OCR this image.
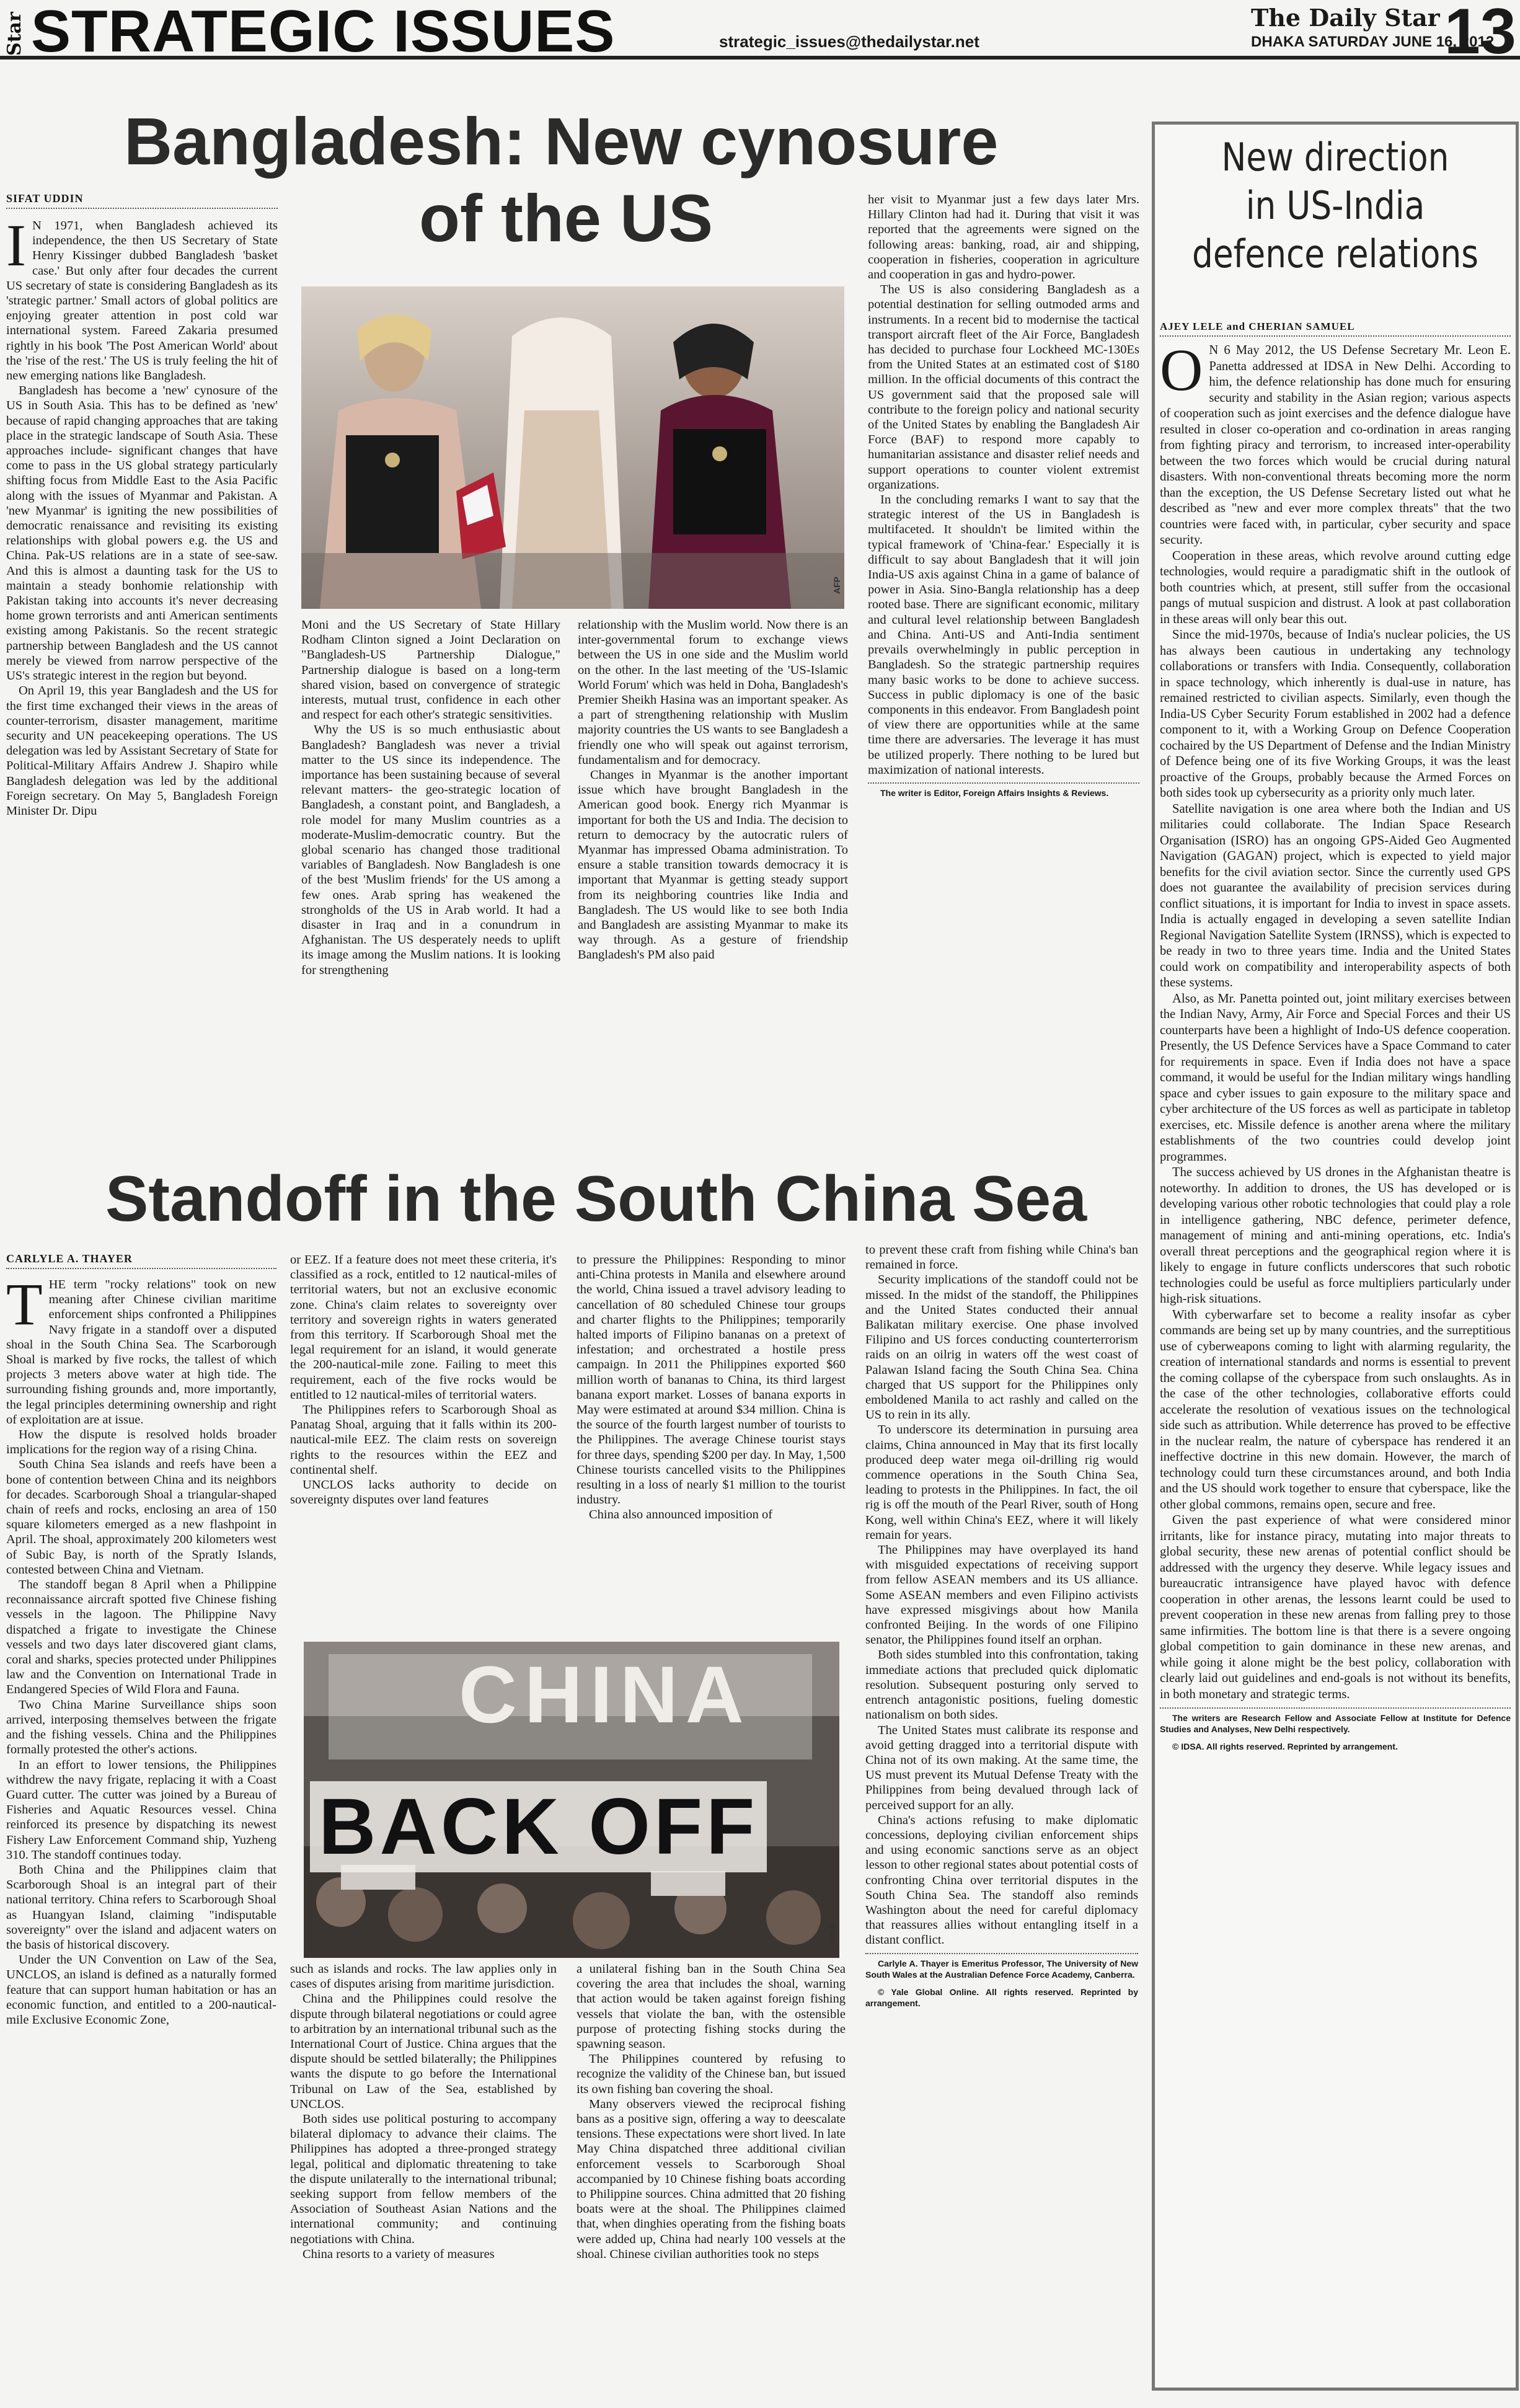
Star STRATEGIC ISSUES	strategic_issues@thedailystar.net
The Daily Star
DHAKA SATURDAY JUNE 16, 2012
13
Bangladesh: New cynosure
of the US
SIFAT UDDIN

I N 1971, when Bangladesh achieved its independence, the then US Secretary of State Henry Kissinger dubbed Bangladesh 'basket case.' But only after four decades the current US secretary of state is considering Bangladesh as its 'strategic partner.' Small actors of global politics are enjoying greater attention in post cold war international system. Fareed Zakaria presumed rightly in his book 'The Post American World' about the 'rise of the rest.' The US is truly feeling the hit of new emerging nations like Bangladesh.

Bangladesh has become a 'new' cynosure of the US in South Asia. This has to be defined as 'new' because of rapid changing approaches that are taking place in the strategic landscape of South Asia. These approaches include- significant changes that have come to pass in the US global strategy particularly shifting focus from Middle East to the Asia Pacific along with the issues of Myanmar and Pakistan. A 'new Myanmar' is igniting the new possibilities of democratic renaissance and revisiting its existing relationships with global powers e.g. the US and China. Pak-US relations are in a state of see-saw. And this is almost a daunting task for the US to maintain a steady bonhomie relationship with Pakistan taking into accounts it's never decreasing home grown terrorists and anti American sentiments existing among Pakistanis. So the recent strategic partnership between Bangladesh and the US cannot merely be viewed from narrow perspective of the US's strategic interest in the region but beyond.

On April 19, this year Bangladesh and the US for the first time exchanged their views in the areas of counter-terrorism, disaster management, maritime security and UN peacekeeping operations. The US delegation was led by Assistant Secretary of State for Political-Military Affairs Andrew J. Shapiro while Bangladesh delegation was led by the additional Foreign secretary. On May 5, Bangladesh Foreign Minister Dr. Dipu

AFP

Moni and the US Secretary of State Hillary Rodham Clinton signed a Joint Declaration on "Bangladesh-US Partnership Dialogue," Partnership dialogue is based on a long-term shared vision, based on convergence of strategic interests, mutual trust, confidence in each other and respect for each other's strategic sensitivities.

Why the US is so much enthusiastic about Bangladesh? Bangladesh was never a trivial matter to the US since its independence. The importance has been sustaining because of several relevant matters- the geo-strategic location of Bangladesh, a constant point, and Bangladesh, a role model for many Muslim countries as a moderate-Muslim-democratic country. But the global scenario has changed those traditional variables of Bangladesh. Now Bangladesh is one of the best 'Muslim friends' for the US among a few ones. Arab spring has weakened the strongholds of the US in Arab world. It had a disaster in Iraq and in a conundrum in Afghanistan. The US desperately needs to uplift its image among the Muslim nations. It is looking for strengthening

relationship with the Muslim world. Now there is an inter-governmental forum to exchange views between the US in one side and the Muslim world on the other. In the last meeting of the 'US-Islamic World Forum' which was held in Doha, Bangladesh's Premier Sheikh Hasina was an important speaker. As a part of strengthening relationship with Muslim majority countries the US wants to see Bangladesh a friendly one who will speak out against terrorism, fundamentalism and for democracy.

Changes in Myanmar is the another important issue which have brought Bangladesh in the American good book. Energy rich Myanmar is important for both the US and India. The decision to return to democracy by the autocratic rulers of Myanmar has impressed Obama administration. To ensure a stable transition towards democracy it is important that Myanmar is getting steady support from its neighboring countries like India and Bangladesh. The US would like to see both India and Bangladesh are assisting Myanmar to make its way through. As a gesture of friendship Bangladesh's PM also paid

her visit to Myanmar just a few days later Mrs. Hillary Clinton had had it. During that visit it was reported that the agreements were signed on the following areas: banking, road, air and shipping, cooperation in fisheries, cooperation in agriculture and cooperation in gas and hydro-power.

The US is also considering Bangladesh as a potential destination for selling outmoded arms and instruments. In a recent bid to modernise the tactical transport aircraft fleet of the Air Force, Bangladesh has decided to purchase four Lockheed MC-130Es from the United States at an estimated cost of $180 million. In the official documents of this contract the US government said that the proposed sale will contribute to the foreign policy and national security of the United States by enabling the Bangladesh Air Force (BAF) to respond more capably to humanitarian assistance and disaster relief needs and support operations to counter violent extremist organizations.

In the concluding remarks I want to say that the strategic interest of the US in Bangladesh is multifaceted. It shouldn't be limited within the typical framework of 'China-fear.' Especially it is difficult to say about Bangladesh that it will join India-US axis against China in a game of balance of power in Asia. Sino-Bangla relationship has a deep rooted base. There are significant economic, military and cultural level relationship between Bangladesh and China. Anti-US and Anti-India sentiment prevails overwhelmingly in public perception in Bangladesh. So the strategic partnership requires many basic works to be done to achieve success. Success in public diplomacy is one of the basic components in this endeavor. From Bangladesh point of view there are opportunities while at the same time there are adversaries. The leverage it has must be utilized properly. There nothing to be lured but maximization of national interests.

The writer is Editor, Foreign Affairs Insights & Reviews.

New direction
in US-India
defence relations
AJEY LELE and CHERIAN SAMUEL

O N 6 May 2012, the US Defense Secretary Mr. Leon E. Panetta addressed at IDSA in New Delhi. According to him, the defence relationship has done much for ensuring security and stability in the Asian region; various aspects of cooperation such as joint exercises and the defence dialogue have resulted in closer co-operation and co-ordination in areas ranging from fighting piracy and terrorism, to increased inter-operability between the two forces which would be crucial during natural disasters. With non-conventional threats becoming more the norm than the exception, the US Defense Secretary listed out what he described as "new and ever more complex threats" that the two countries were faced with, in particular, cyber security and space security.

Cooperation in these areas, which revolve around cutting edge technologies, would require a paradigmatic shift in the outlook of both countries which, at present, still suffer from the occasional pangs of mutual suspicion and distrust. A look at past collaboration in these areas will only bear this out.

Since the mid-1970s, because of India's nuclear policies, the US has always been cautious in undertaking any technology collaborations or transfers with India. Consequently, collaboration in space technology, which inherently is dual-use in nature, has remained restricted to civilian aspects. Similarly, even though the India-US Cyber Security Forum established in 2002 had a defence component to it, with a Working Group on Defence Cooperation cochaired by the US Department of Defense and the Indian Ministry of Defence being one of its five Working Groups, it was the least proactive of the Groups, probably because the Armed Forces on both sides took up cybersecurity as a priority only much later.

Satellite navigation is one area where both the Indian and US militaries could collaborate. The Indian Space Research Organisation (ISRO) has an ongoing GPS-Aided Geo Augmented Navigation (GAGAN) project, which is expected to yield major benefits for the civil aviation sector. Since the currently used GPS does not guarantee the availability of precision services during conflict situations, it is important for India to invest in space assets. India is actually engaged in developing a seven satellite Indian Regional Navigation Satellite System (IRNSS), which is expected to be ready in two to three years time. India and the United States could work on compatibility and interoperability aspects of both these systems.

Also, as Mr. Panetta pointed out, joint military exercises between the Indian Navy, Army, Air Force and Special Forces and their US counterparts have been a highlight of Indo-US defence cooperation. Presently, the US Defence Services have a Space Command to cater for requirements in space. Even if India does not have a space command, it would be useful for the Indian military wings handling space and cyber issues to gain exposure to the military space and cyber architecture of the US forces as well as participate in tabletop exercises, etc. Missile defence is another arena where the military establishments of the two countries could develop joint programmes.

The success achieved by US drones in the Afghanistan theatre is noteworthy. In addition to drones, the US has developed or is developing various other robotic technologies that could play a role in intelligence gathering, NBC defence, perimeter defence, management of mining and anti-mining operations, etc. India's overall threat perceptions and the geographical region where it is likely to engage in future conflicts underscores that such robotic technologies could be useful as force multipliers particularly under high-risk situations.

With cyberwarfare set to become a reality insofar as cyber commands are being set up by many countries, and the surreptitious use of cyberweapons coming to light with alarming regularity, the creation of international standards and norms is essential to prevent the coming collapse of the cyberspace from such onslaughts. As in the case of the other technologies, collaborative efforts could accelerate the resolution of vexatious issues on the technological side such as attribution. While deterrence has proved to be effective in the nuclear realm, the nature of cyberspace has rendered it an ineffective doctrine in this new domain. However, the march of technology could turn these circumstances around, and both India and the US should work together to ensure that cyberspace, like the other global commons, remains open, secure and free.

Given the past experience of what were considered minor irritants, like for instance piracy, mutating into major threats to global security, these new arenas of potential conflict should be addressed with the urgency they deserve. While legacy issues and bureaucratic intransigence have played havoc with defence cooperation in other arenas, the lessons learnt could be used to prevent cooperation in these new arenas from falling prey to those same infirmities. The bottom line is that there is a severe ongoing global competition to gain dominance in these new arenas, and while going it alone might be the best policy, collaboration with clearly laid out guidelines and end-goals is not without its benefits, in both monetary and strategic terms.

The writers are Research Fellow and Associate Fellow at Institute for Defence Studies and Analyses, New Delhi respectively.

© IDSA. All rights reserved. Reprinted by arrangement.

Standoff in the South China Sea
CARLYLE A. THAYER

THE term "rocky relations" took on new meaning after Chinese civilian maritime enforcement ships confronted a Philippines Navy frigate in a standoff over a disputed shoal in the South China Sea. The Scarborough Shoal is marked by five rocks, the tallest of which projects 3 meters above water at high tide. The surrounding fishing grounds and, more importantly, the legal principles determining ownership and right of exploitation are at issue.

How the dispute is resolved holds broader implications for the region way of a rising China.

South China Sea islands and reefs have been a bone of contention between China and its neighbors for decades. Scarborough Shoal a triangular-shaped chain of reefs and rocks, enclosing an area of 150 square kilometers emerged as a new flashpoint in April. The shoal, approximately 200 kilometers west of Subic Bay, is north of the Spratly Islands, contested between China and Vietnam.

The standoff began 8 April when a Philippine reconnaissance aircraft spotted five Chinese fishing vessels in the lagoon. The Philippine Navy dispatched a frigate to investigate the Chinese vessels and two days later discovered giant clams, coral and sharks, species protected under Philippines law and the Convention on International Trade in Endangered Species of Wild Flora and Fauna.

Two China Marine Surveillance ships soon arrived, interposing themselves between the frigate and the fishing vessels. China and the Philippines formally protested the other's actions.

In an effort to lower tensions, the Philippines withdrew the navy frigate, replacing it with a Coast Guard cutter. The cutter was joined by a Bureau of Fisheries and Aquatic Resources vessel. China reinforced its presence by dispatching its newest Fishery Law Enforcement Command ship, Yuzheng 310. The standoff continues today.

Both China and the Philippines claim that Scarborough Shoal is an integral part of their national territory. China refers to Scarborough Shoal as Huangyan Island, claiming "indisputable sovereignty" over the island and adjacent waters on the basis of historical discovery.

Under the UN Convention on Law of the Sea, UNCLOS, an island is defined as a naturally formed feature that can support human habitation or has an economic function, and entitled to a 200-nautical-mile Exclusive Economic Zone,

or EEZ. If a feature does not meet these criteria, it's classified as a rock, entitled to 12 nautical-miles of territorial waters, but not an exclusive economic zone. China's claim relates to sovereignty over territory and sovereign rights in waters generated from this territory. If Scarborough Shoal met the legal requirement for an island, it would generate the 200-nautical-mile zone. Failing to meet this requirement, each of the five rocks would be entitled to 12 nautical-miles of territorial waters.

The Philippines refers to Scarborough Shoal as Panatag Shoal, arguing that it falls within its 200- nautical-mile EEZ. The claim rests on sovereign rights to the resources within the EEZ and continental shelf.

UNCLOS lacks authority to decide on sovereignty disputes over land features

to pressure the Philippines: Responding to minor anti-China protests in Manila and elsewhere around the world, China issued a travel advisory leading to cancellation of 80 scheduled Chinese tour groups and charter flights to the Philippines; temporarily halted imports of Filipino bananas on a pretext of infestation; and orchestrated a hostile press campaign. In 2011 the Philippines exported $60 million worth of bananas to China, its third largest banana export market. Losses of banana exports in May were estimated at around $34 million. China is the source of the fourth largest number of tourists to the Philippines. The average Chinese tourist stays for three days, spending $200 per day. In May, 1,500 Chinese tourists cancelled visits to the Philippines resulting in a loss of nearly $1 million to the tourist industry.

China also announced imposition of

CHINA
BACK OFF
YALE

such as islands and rocks. The law applies only in cases of disputes arising from maritime jurisdiction.

China and the Philippines could resolve the dispute through bilateral negotiations or could agree to arbitration by an international tribunal such as the International Court of Justice. China argues that the dispute should be settled bilaterally; the Philippines wants the dispute to go before the International Tribunal on Law of the Sea, established by UNCLOS.

Both sides use political posturing to accompany bilateral diplomacy to advance their claims. The Philippines has adopted a three-pronged strategy legal, political and diplomatic threatening to take the dispute unilaterally to the international tribunal; seeking support from fellow members of the Association of Southeast Asian Nations and the international community; and continuing negotiations with China.

China resorts to a variety of measures

a unilateral fishing ban in the South China Sea covering the area that includes the shoal, warning that action would be taken against foreign fishing vessels that violate the ban, with the ostensible purpose of protecting fishing stocks during the spawning season.

The Philippines countered by refusing to recognize the validity of the Chinese ban, but issued its own fishing ban covering the shoal.

Many observers viewed the reciprocal fishing bans as a positive sign, offering a way to deescalate tensions. These expectations were short lived. In late May China dispatched three additional civilian enforcement vessels to Scarborough Shoal accompanied by 10 Chinese fishing boats according to Philippine sources. China admitted that 20 fishing boats were at the shoal. The Philippines claimed that, when dinghies operating from the fishing boats were added up, China had nearly 100 vessels at the shoal. Chinese civilian authorities took no steps

to prevent these craft from fishing while China's ban remained in force.

Security implications of the standoff could not be missed. In the midst of the standoff, the Philippines and the United States conducted their annual Balikatan military exercise. One phase involved Filipino and US forces conducting counterterrorism raids on an oilrig in waters off the west coast of Palawan Island facing the South China Sea. China charged that US support for the Philippines only emboldened Manila to act rashly and called on the US to rein in its ally.

To underscore its determination in pursuing area claims, China announced in May that its first locally produced deep water mega oil-drilling rig would commence operations in the South China Sea, leading to protests in the Philippines. In fact, the oil rig is off the mouth of the Pearl River, south of Hong Kong, well within China's EEZ, where it will likely remain for years.

The Philippines may have overplayed its hand with misguided expectations of receiving support from fellow ASEAN members and its US alliance. Some ASEAN members and even Filipino activists have expressed misgivings about how Manila confronted Beijing. In the words of one Filipino senator, the Philippines found itself an orphan.

Both sides stumbled into this confrontation, taking immediate actions that precluded quick diplomatic resolution. Subsequent posturing only served to entrench antagonistic positions, fueling domestic nationalism on both sides.

The United States must calibrate its response and avoid getting dragged into a territorial dispute with China not of its own making. At the same time, the US must prevent its Mutual Defense Treaty with the Philippines from being devalued through lack of perceived support for an ally.

China's actions refusing to make diplomatic concessions, deploying civilian enforcement ships and using economic sanctions serve as an object lesson to other regional states about potential costs of confronting China over territorial disputes in the South China Sea. The standoff also reminds Washington about the need for careful diplomacy that reassures allies without entangling itself in a distant conflict.

Carlyle A. Thayer is Emeritus Professor, The University of New South Wales at the Australian Defence Force Academy, Canberra.

© Yale Global Online. All rights reserved. Reprinted by arrangement.
